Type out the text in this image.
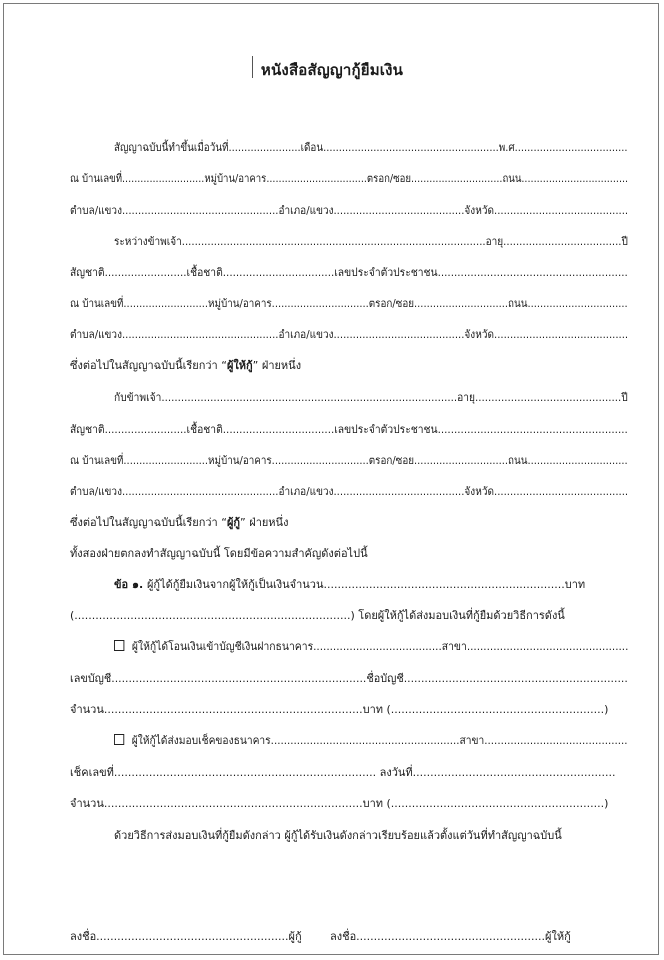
หนังสือสัญญากู้ยืมเงิน
สัญญาฉบับนี้ทำขึ้นเมื่อวันที่.......................เดือน........................................................พ.ศ....................................
ณ บ้านเลขที่...........................หมู่บ้าน/อาคาร.................................ตรอก/ซอย..............................ถนน...................................
ตำบล/แขวง.................................................อำเภอ/แขวง.........................................จังหวัด..........................................
ระหว่างข้าพเจ้า...............................................................................................อายุ.....................................ปี
สัญชาติ.........................เชื้อชาติ..................................เลขประจำตัวประชาชน..........................................................
ณ บ้านเลขที่...........................หมู่บ้าน/อาคาร...............................ตรอก/ซอย..............................ถนน................................
ตำบล/แขวง.................................................อำเภอ/แขวง.........................................จังหวัด..........................................
ซึ่งต่อไปในสัญญาฉบับนี้เรียกว่า “ผู้ให้กู้” ฝ่ายหนึ่ง
กับข้าพเจ้า...........................................................................................อายุ.............................................ปี
สัญชาติ.........................เชื้อชาติ..................................เลขประจำตัวประชาชน..........................................................
ณ บ้านเลขที่...........................หมู่บ้าน/อาคาร...............................ตรอก/ซอย..............................ถนน................................
ตำบล/แขวง.................................................อำเภอ/แขวง.........................................จังหวัด..........................................
ซึ่งต่อไปในสัญญาฉบับนี้เรียกว่า “ผู้กู้” ฝ่ายหนึ่ง
ทั้งสองฝ่ายตกลงทำสัญญาฉบับนี้ โดยมีข้อความสำคัญดังต่อไปนี้
ข้อ ๑. ผู้กู้ได้กู้ยืมเงินจากผู้ให้กู้เป็นเงินจำนวน.....................................................................บาท
(...............................................................................) โดยผู้ให้กู้ได้ส่งมอบเงินที่กู้ยืมด้วยวิธีการดังนี้
ผู้ให้กู้ได้โอนเงินเข้าบัญชีเงินฝากธนาคาร.......................................สาขา.................................................
เลขบัญชี..........................................................................ชื่อบัญชี.................................................................
จำนวน..........................................................................บาท (.............................................................)
ผู้ให้กู้ได้ส่งมอบเช็คของธนาคาร..........................................................สาขา............................................
เช็คเลขที่........................................................................... ลงวันที่..........................................................
จำนวน..........................................................................บาท (.............................................................)
ด้วยวิธีการส่งมอบเงินที่กู้ยืมดังกล่าว ผู้กู้ได้รับเงินดังกล่าวเรียบร้อยแล้วตั้งแต่วันที่ทำสัญญาฉบับนี้
ลงชื่อ.......................................................ผู้กู้	ลงชื่อ......................................................ผู้ให้กู้
